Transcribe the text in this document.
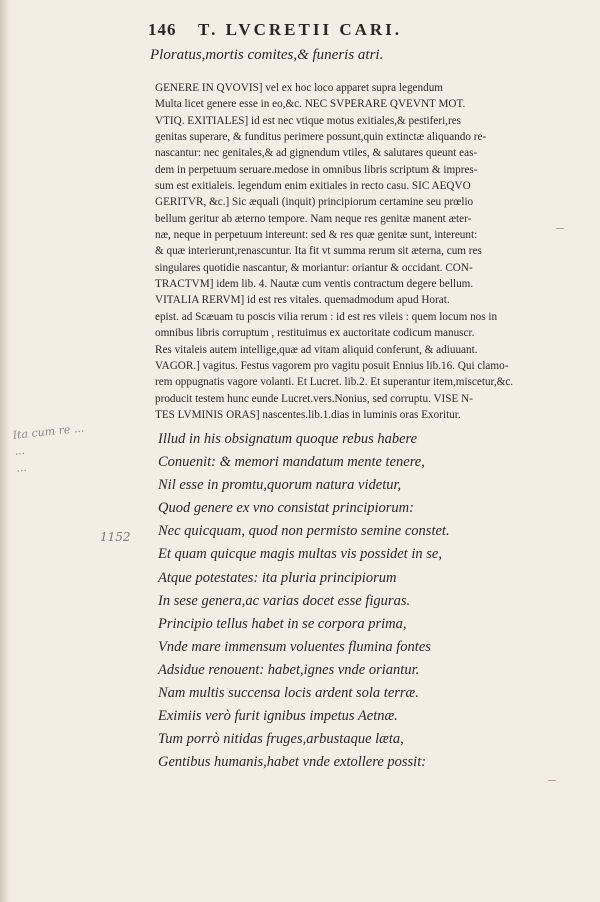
146 T. LVCRETII CARI.
Ploratus,mortis comites,& funeris atri.
GENERE IN QVOVIS] vel ex hoc loco apparet supra legendum
Multa licet genere esse in eo,&c. NEC SVPERARE QVEVNT MOT.
VTIQ. EXITIALES] id est nec vtique motus exitiales,& pestiferi,res
genitas superare, & funditus perimere possunt,quin extinctæ aliquando re-
nascantur: nec genitales,& ad gignendum vtiles, & salutares queunt eas-
dem in perpetuum seruare.medose in omnibus libris scriptum & impres-
sum est exitialeis. legendum enim exitiales in recto casu. SIC AEQVO
GERITVR, &c.] Sic æquali (inquit) principiorum certamine seu prœlio
bellum geritur ab æterno tempore. Nam neque res genitæ manent æter-
næ, neque in perpetuum intereunt: sed & res quæ genitæ sunt, intereunt:
& quæ interierunt,renascuntur. Ita fit vt summa rerum sit æterna, cum res
singulares quotidie nascantur, & moriantur: oriantur & occidant. CON-
TRACTVM] idem lib. 4. Nautæ cum ventis contractum degere bellum.
VITALIA RERVM] id est res vitales. quemadmodum apud Horat.
epist. ad Scæuam tu poscis vilia rerum : id est res vileis : quem locum nos in
omnibus libris corruptum , restituimus ex auctoritate codicum manuscr.
Res vitaleis autem intellige,quæ ad vitam aliquid conferunt, & adiuuant.
VAGOR.] vagitus. Festus vagorem pro vagitu posuit Ennius lib.16. Qui clamo-
rem oppugnatis vagore volanti. Et Lucret. lib.2. Et superantur item,miscetur,&c.
producit testem hunc eunde Lucret.vers.Nonius, sed corruptu. VISE N-
TES LVMINIS ORAS] nascentes.lib.1.dias in luminis oras Exoritur.
Ita cum re ...
...
...
1152
Illud in his obsignatum quoque rebus habere
Conuenit: & memori mandatum mente tenere,
Nil esse in promtu,quorum natura videtur,
Quod genere ex vno consistat principiorum:
Nec quicquam, quod non permisto semine constet.
Et quam quicque magis multas vis possidet in se,
Atque potestates: ita pluria principiorum
In sese genera,ac varias docet esse figuras.
Principio tellus habet in se corpora prima,
Vnde mare immensum voluentes flumina fontes
Adsidue renouent: habet,ignes vnde oriantur.
Nam multis succensa locis ardent sola terræ.
Eximiis verò furit ignibus impetus Aetnæ.
Tum porrò nitidas fruges,arbustaque læta,
Gentibus humanis,habet vnde extollere possit:
